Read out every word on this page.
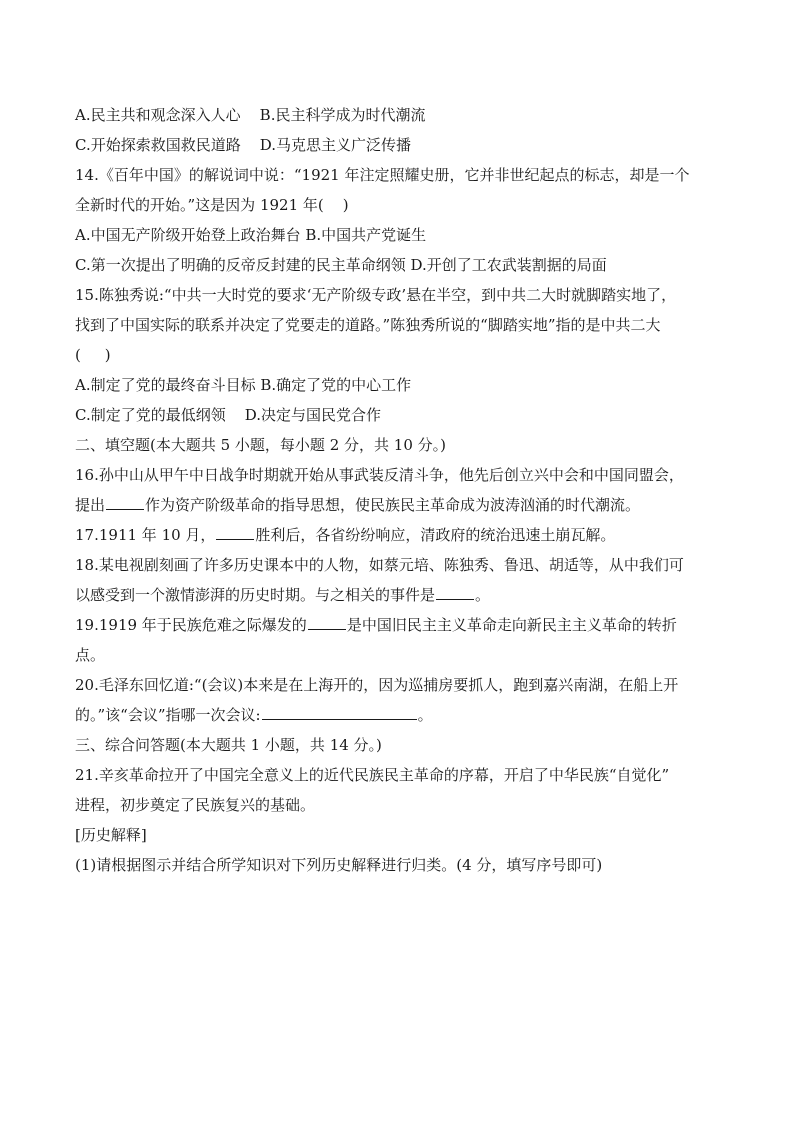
A.民主共和观念深入人心    B.民主科学成为时代潮流

C.开始探索救国救民道路    D.马克思主义广泛传播

14.《百年中国》的解说词中说：“1921 年注定照耀史册，它并非世纪起点的标志，却是一个

全新时代的开始。”这是因为 1921 年(    )

A.中国无产阶级开始登上政治舞台 B.中国共产党诞生

C.第一次提出了明确的反帝反封建的民主革命纲领 D.开创了工农武装割据的局面

15.陈独秀说:“中共一大时党的要求‘无产阶级专政’悬在半空，到中共二大时就脚踏实地了，

找到了中国实际的联系并决定了党要走的道路。”陈独秀所说的“脚踏实地”指的是中共二大

(     )

A.制定了党的最终奋斗目标 B.确定了党的中心工作

C.制定了党的最低纲领    D.决定与国民党合作

二、填空题(本大题共 5 小题，每小题 2 分，共 10 分。)

16.孙中山从甲午中日战争时期就开始从事武装反清斗争，他先后创立兴中会和中国同盟会，

提出	作为资产阶级革命的指导思想，使民族民主革命成为波涛汹涌的时代潮流。

17.1911 年 10 月，	胜利后，各省纷纷响应，清政府的统治迅速土崩瓦解。

18.某电视剧刻画了许多历史课本中的人物，如蔡元培、陈独秀、鲁迅、胡适等，从中我们可

以感受到一个激情澎湃的历史时期。与之相关的事件是	。

19.1919 年于民族危难之际爆发的	是中国旧民主主义革命走向新民主主义革命的转折

点。

20.毛泽东回忆道:“(会议)本来是在上海开的，因为巡捕房要抓人，跑到嘉兴南湖，在船上开

的。”该“会议”指哪一次会议:	。

三、综合问答题(本大题共 1 小题，共 14 分。)

21.辛亥革命拉开了中国完全意义上的近代民族民主革命的序幕，开启了中华民族“自觉化”

进程，初步奠定了民族复兴的基础。

[历史解释]

(1)请根据图示并结合所学知识对下列历史解释进行归类。(4 分，填写序号即可)
